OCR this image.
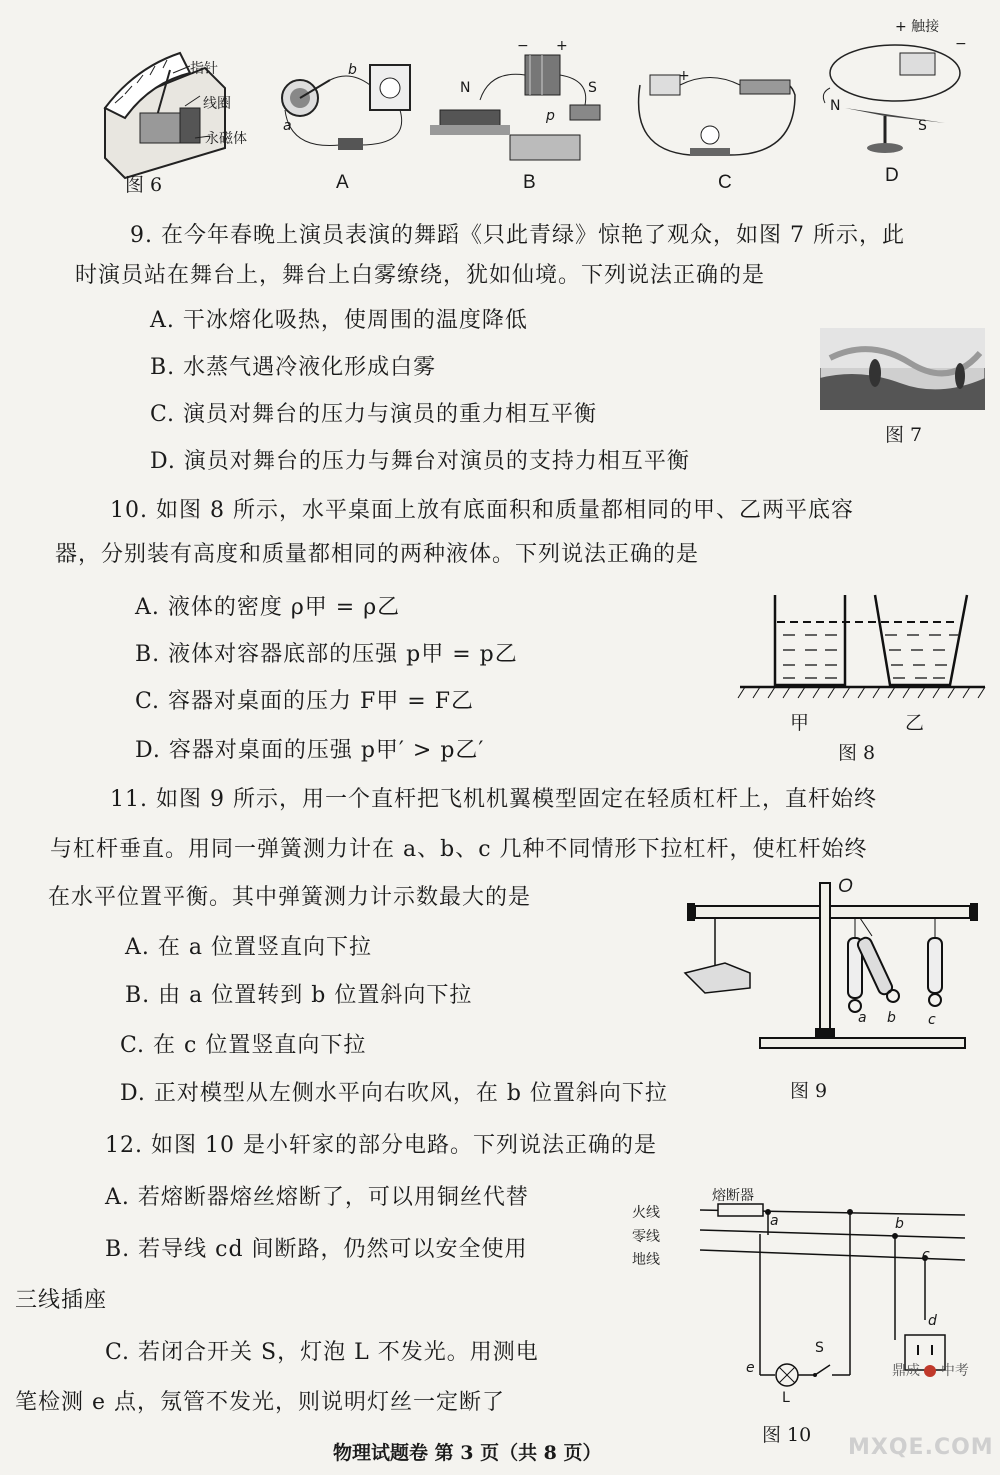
指针
线圈
永磁体
图 6
a
b
A
− +
N	S
p
B
+
C
+ 触接
−
N
S
D
9. 在今年春晚上演员表演的舞蹈《只此青绿》惊艳了观众，如图 7 所示，此
时演员站在舞台上，舞台上白雾缭绕，犹如仙境。下列说法正确的是
A. 干冰熔化吸热，使周围的温度降低
B. 水蒸气遇冷液化形成白雾
C. 演员对舞台的压力与演员的重力相互平衡
D. 演员对舞台的压力与舞台对演员的支持力相互平衡
图 7
10. 如图 8 所示，水平桌面上放有底面积和质量都相同的甲、乙两平底容
器，分别装有高度和质量都相同的两种液体。下列说法正确的是
A. 液体的密度 ρ甲 = ρ乙
B. 液体对容器底部的压强 p甲 = p乙
C. 容器对桌面的压力 F甲 = F乙
D. 容器对桌面的压强 p甲′ > p乙′
甲	乙
图 8
11. 如图 9 所示，用一个直杆把飞机机翼模型固定在轻质杠杆上，直杆始终
与杠杆垂直。用同一弹簧测力计在 a、b、c 几种不同情形下拉杠杆，使杠杆始终
在水平位置平衡。其中弹簧测力计示数最大的是
A. 在 a 位置竖直向下拉
B. 由 a 位置转到 b 位置斜向下拉
C. 在 c 位置竖直向下拉
D. 正对模型从左侧水平向右吹风，在 b 位置斜向下拉
O
a b c
图 9
12. 如图 10 是小轩家的部分电路。下列说法正确的是
A. 若熔断器熔丝熔断了，可以用铜丝代替
B. 若导线 cd 间断路，仍然可以安全使用
三线插座
C. 若闭合开关 S，灯泡 L 不发光。用测电
笔检测 e 点，氖管不发光，则说明灯丝一定断了
熔断器
火线
零线
地线
a	b
c
d
e
S
L
图 10
鼎成 中考
MXQE.COM
物理试题卷 第 3 页（共 8 页）
